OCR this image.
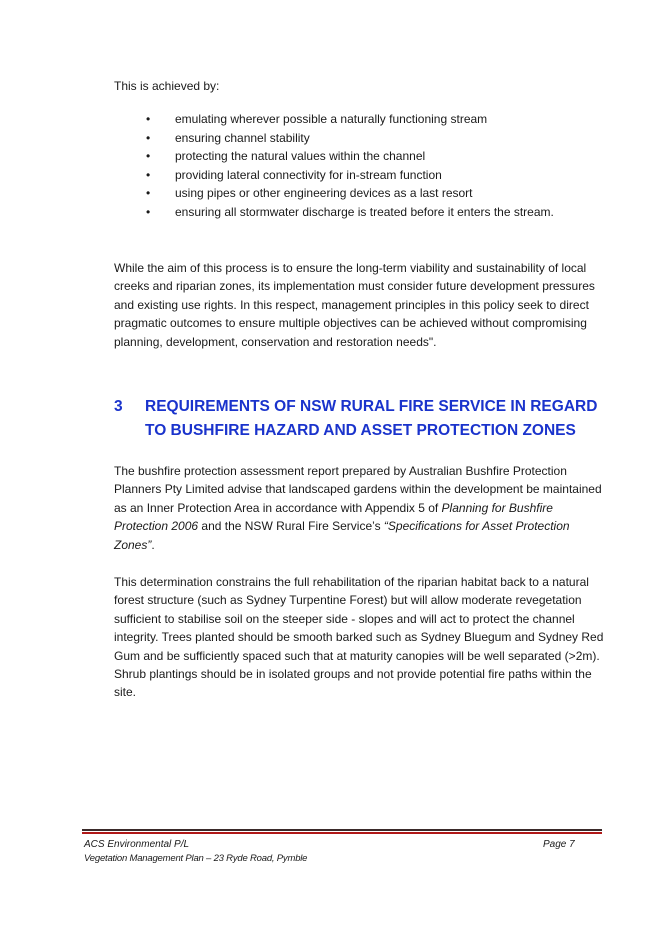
This is achieved by:

• emulating wherever possible a naturally functioning stream
• ensuring channel stability
• protecting the natural values within the channel
• providing lateral connectivity for in-stream function
• using pipes or other engineering devices as a last resort
• ensuring all stormwater discharge is treated before it enters the stream.

While the aim of this process is to ensure the long-term viability and sustainability of local creeks and riparian zones, its implementation must consider future development pressures and existing use rights. In this respect, management principles in this policy seek to direct pragmatic outcomes to ensure multiple objectives can be achieved without compromising planning, development, conservation and restoration needs".

3	REQUIREMENTS OF NSW RURAL FIRE SERVICE IN REGARD TO BUSHFIRE HAZARD AND ASSET PROTECTION ZONES

The bushfire protection assessment report prepared by Australian Bushfire Protection Planners Pty Limited advise that landscaped gardens within the development be maintained as an Inner Protection Area in accordance with Appendix 5 of Planning for Bushfire Protection 2006 and the NSW Rural Fire Service’s “Specifications for Asset Protection Zones”.

This determination constrains the full rehabilitation of the riparian habitat back to a natural forest structure (such as Sydney Turpentine Forest) but will allow moderate revegetation sufficient to stabilise soil on the steeper side - slopes and will act to protect the channel integrity. Trees planted should be smooth barked such as Sydney Bluegum and Sydney Red Gum and be sufficiently spaced such that at maturity canopies will be well separated (>2m). Shrub plantings should be in isolated groups and not provide potential fire paths within the site.

ACS Environmental P/L
Vegetation Management Plan – 23 Ryde Road, Pymble
Page 7
